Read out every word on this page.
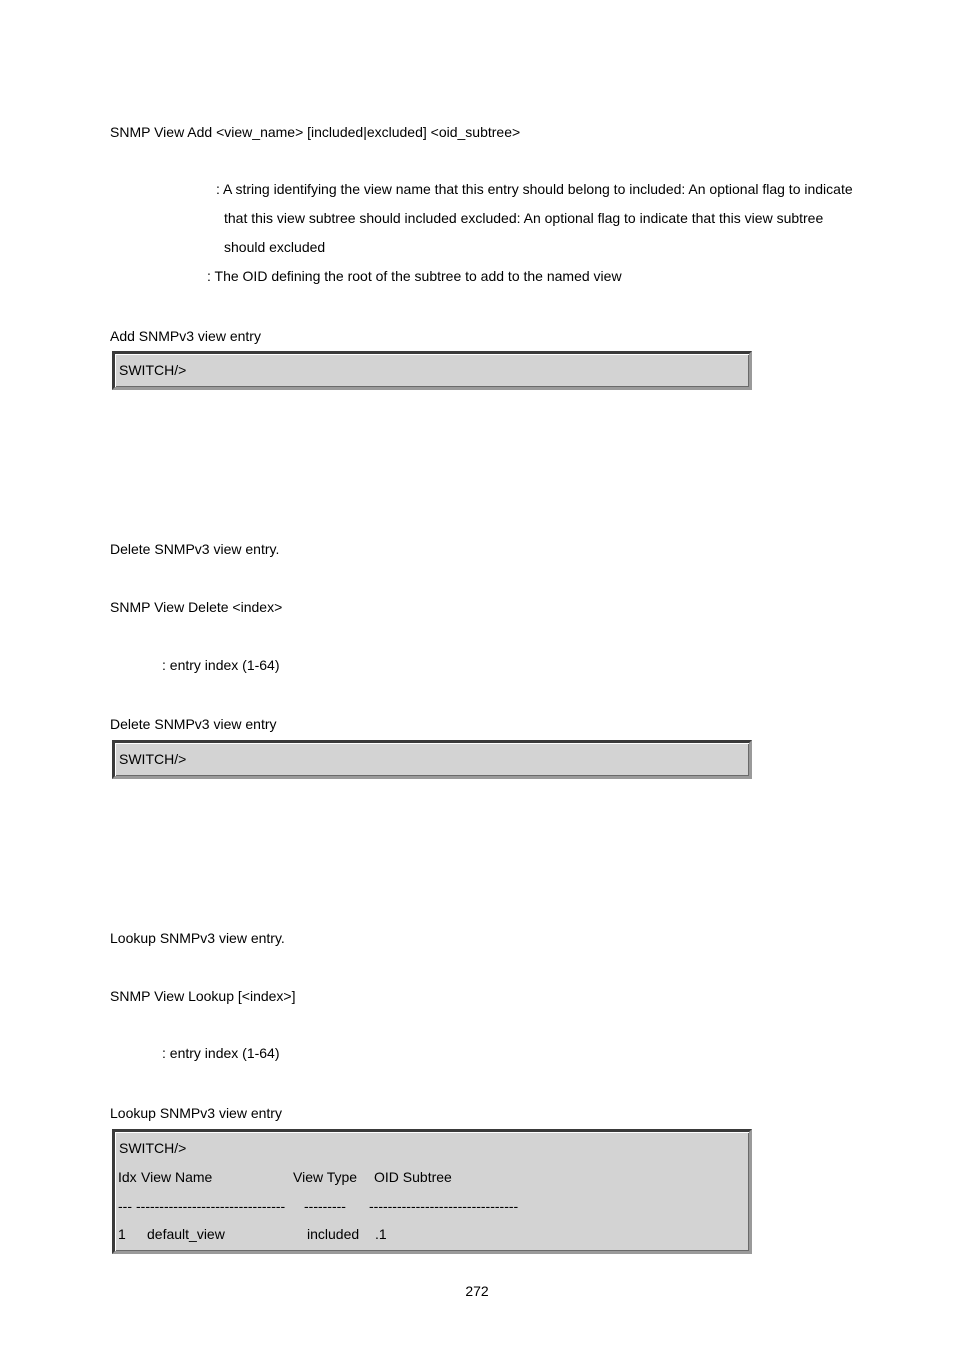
SNMP View Add <view_name> [included|excluded] <oid_subtree>
: A string identifying the view name that this entry should belong to included: An optional flag to indicate
that this view subtree should included excluded: An optional flag to indicate that this view subtree
should excluded
: The OID defining the root of the subtree to add to the named view
Add SNMPv3 view entry
SWITCH/>
Delete SNMPv3 view entry.
SNMP View Delete <index>
: entry index (1-64)
Delete SNMPv3 view entry
SWITCH/>
Lookup SNMPv3 view entry.
SNMP View Lookup [<index>]
: entry index (1-64)
Lookup SNMPv3 view entry
SWITCH/>
Idx View Name	View Type OID Subtree
--- -------------------------------- --------- --------------------------------
1 default_view	included .1
272
